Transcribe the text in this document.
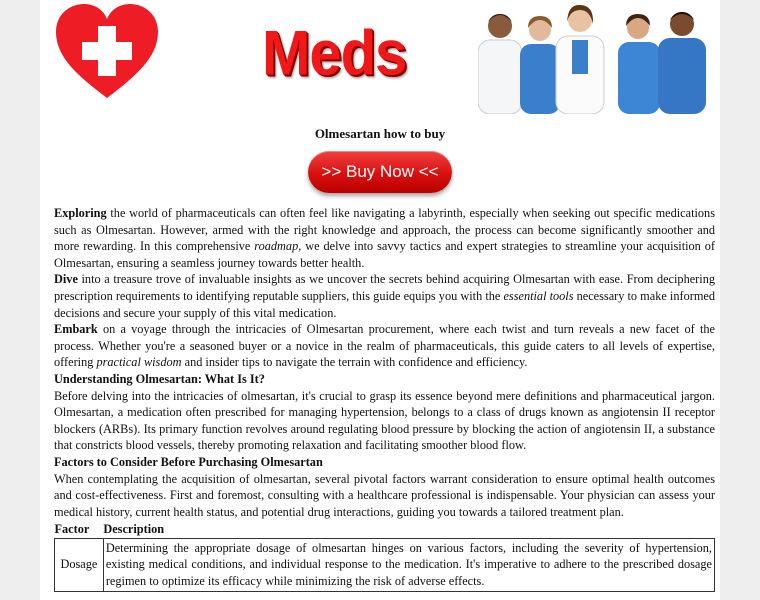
Meds
Olmesartan how to buy
>> Buy Now <<

Exploring the world of pharmaceuticals can often feel like navigating a labyrinth, especially when seeking out specific medications such as Olmesartan. However, armed with the right knowledge and approach, the process can become significantly smoother and more rewarding. In this comprehensive roadmap, we delve into savvy tactics and expert strategies to streamline your acquisition of Olmesartan, ensuring a seamless journey towards better health.

Dive into a treasure trove of invaluable insights as we uncover the secrets behind acquiring Olmesartan with ease. From deciphering prescription requirements to identifying reputable suppliers, this guide equips you with the essential tools necessary to make informed decisions and secure your supply of this vital medication.

Embark on a voyage through the intricacies of Olmesartan procurement, where each twist and turn reveals a new facet of the process. Whether you're a seasoned buyer or a novice in the realm of pharmaceuticals, this guide caters to all levels of expertise, offering practical wisdom and insider tips to navigate the terrain with confidence and efficiency.

Understanding Olmesartan: What Is It?

Before delving into the intricacies of olmesartan, it's crucial to grasp its essence beyond mere definitions and pharmaceutical jargon. Olmesartan, a medication often prescribed for managing hypertension, belongs to a class of drugs known as angiotensin II receptor blockers (ARBs). Its primary function revolves around regulating blood pressure by blocking the action of angiotensin II, a substance that constricts blood vessels, thereby promoting relaxation and facilitating smoother blood flow.

Factors to Consider Before Purchasing Olmesartan

When contemplating the acquisition of olmesartan, several pivotal factors warrant consideration to ensure optimal health outcomes and cost-effectiveness. First and foremost, consulting with a healthcare professional is indispensable. Your physician can assess your medical history, current health status, and potential drug interactions, guiding you towards a tailored treatment plan.

Factor	Description
Dosage	Determining the appropriate dosage of olmesartan hinges on various factors, including the severity of hypertension, existing medical conditions, and individual response to the medication. It's imperative to adhere to the prescribed dosage regimen to optimize its efficacy while minimizing the risk of adverse effects.
